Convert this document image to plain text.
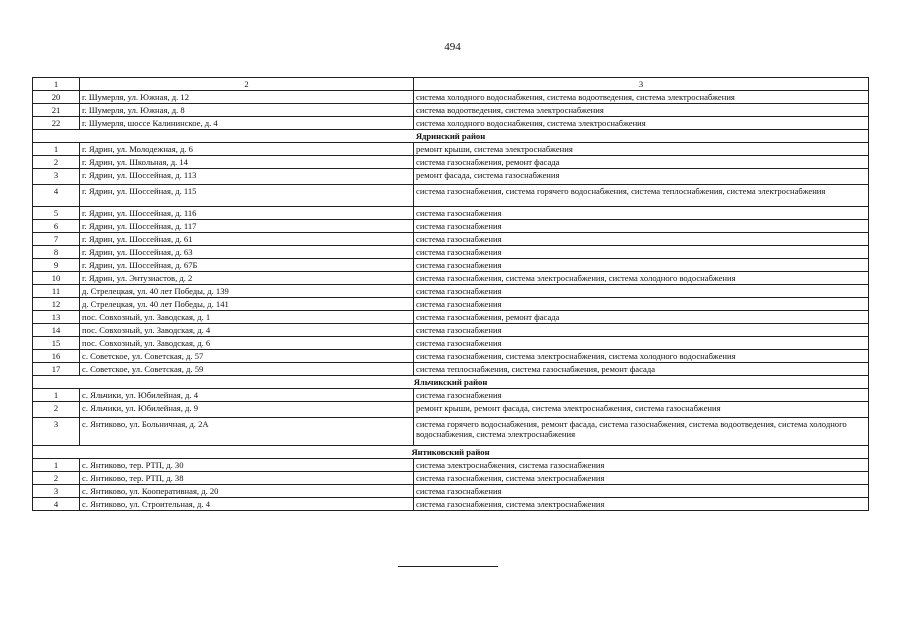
494
1	2	3
20	г. Шумерля, ул. Южная, д. 12	система холодного водоснабжения, система водоотведения, система электроснабжения
21	г. Шумерля, ул. Южная, д. 8	система водоотведения, система электроснабжения
22	г. Шумерля, шоссе Калининское, д. 4	система холодного водоснабжения, система электроснабжения
Ядринский район		
1	г. Ядрин, ул. Молодежная, д. 6	ремонт крыши, система электроснабжения
2	г. Ядрин, ул. Школьная, д. 14	система газоснабжения, ремонт фасада
3	г. Ядрин, ул. Шоссейная, д. 113	ремонт фасада, система газоснабжения
4	г. Ядрин, ул. Шоссейная, д. 115	система газоснабжения, система горячего водоснабжения, система теплоснабжения, система электроснабжения
5	г. Ядрин, ул. Шоссейная, д. 116	система газоснабжения
6	г. Ядрин, ул. Шоссейная, д. 117	система газоснабжения
7	г. Ядрин, ул. Шоссейная, д. 61	система газоснабжения
8	г. Ядрин, ул. Шоссейная, д. 63	система газоснабжения
9	г. Ядрин, ул. Шоссейная, д. 67Б	система газоснабжения
10	г. Ядрин, ул. Энтузиастов, д. 2	система газоснабжения, система электроснабжения, система холодного водоснабжения
11	д. Стрелецкая, ул. 40 лет Победы, д. 139	система газоснабжения
12	д. Стрелецкая, ул. 40 лет Победы, д. 141	система газоснабжения
13	пос. Совхозный, ул. Заводская, д. 1	система газоснабжения, ремонт фасада
14	пос. Совхозный, ул. Заводская, д. 4	система газоснабжения
15	пос. Совхозный, ул. Заводская, д. 6	система газоснабжения
16	с. Советское, ул. Советская, д. 57	система газоснабжения, система электроснабжения, система холодного водоснабжения
17	с. Советское, ул. Советская, д. 59	система теплоснабжения, система газоснабжения, ремонт фасада
Яльчикский район		
1	с. Яльчики, ул. Юбилейная, д. 4	система газоснабжения
2	с. Яльчики, ул. Юбилейная, д. 9	ремонт крыши, ремонт фасада, система электроснабжения, система газоснабжения
3	с. Янтиково, ул. Больничная, д. 2А	система горячего водоснабжения, ремонт фасада, система газоснабжения, система водоотведения, система холодного водоснабжения, система электроснабжения
Янтиковский район		
1	с. Янтиково, тер. РТП, д. 30	система электроснабжения, система газоснабжения
2	с. Янтиково, тер. РТП, д. 38	система газоснабжения, система электроснабжения
3	с. Янтиково, ул. Кооперативная, д. 20	система газоснабжения
4	с. Янтиково, ул. Строительная, д. 4	система газоснабжения, система электроснабжения
